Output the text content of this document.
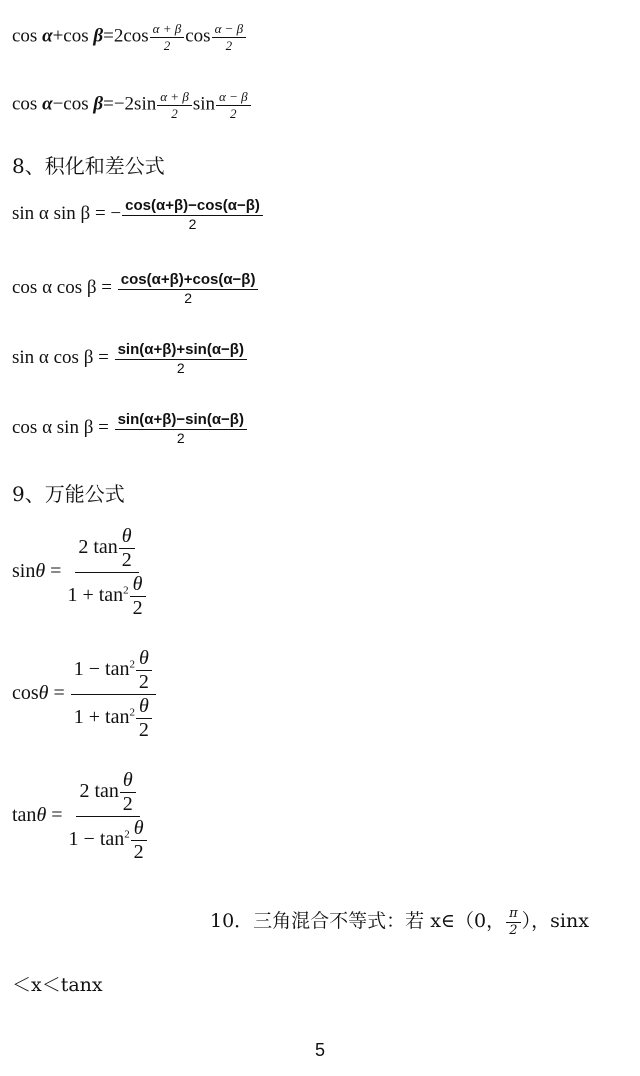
cos α+cos $\beta=2\cos \frac{\alpha + \beta}{2}$ $\cos \frac{\alpha - \beta}{2}$
cos α−cos $\beta=-2\sin \frac{\alpha + \beta}{2}$ $\sin \frac{\alpha - \beta}{2}$
8、积化和差公式
sin α sin β = − $\frac{\cos(\alpha+\beta)-\cos(\alpha-\beta)}{2}$
cos α $\cos \beta = \frac{\cos(\alpha+\beta)+\cos(\alpha-\beta)}{2}$
sin α $\cos \beta = \frac{\sin(\alpha+\beta)+\sin(\alpha-\beta)}{2}$
cos α $\sin \beta = \frac{\sin(\alpha+\beta)-\sin(\alpha-\beta)}{2}$
9、万能公式
$\sin\theta = \frac{2 \tan \frac{\theta}{2}}{1 + \tan^2 \frac{\theta}{2}}$
$\cos\theta = \frac{1 - \tan^2 \frac{\theta}{2}}{1 + \tan^2 \frac{\theta}{2}}$
$\tan\theta = \frac{2 \tan \frac{\theta}{2}}{1 - \tan^2 \frac{\theta}{2}}$
10．三角混合不等式：若 x∈（0， $\frac{\pi}{2}$ ），sinx
＜x＜tanx
5
